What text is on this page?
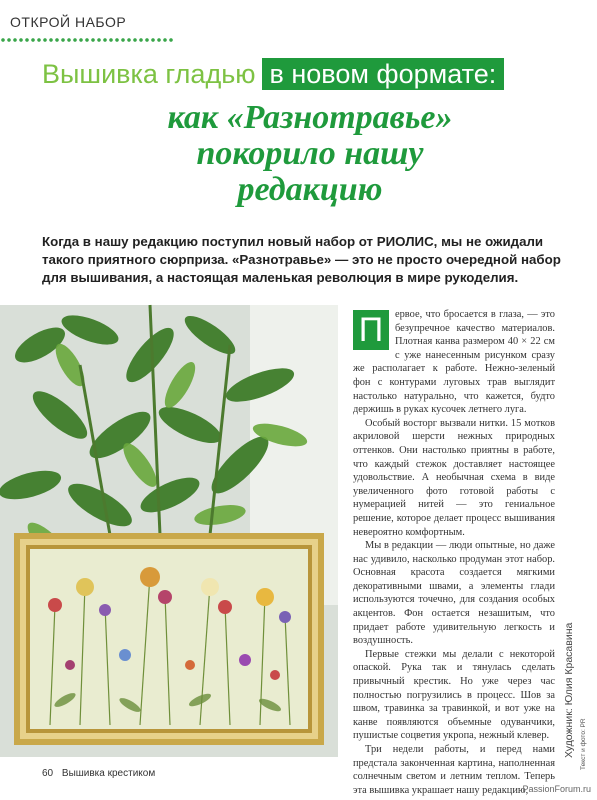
ОТКРОЙ НАБОР
Вышивка гладью в новом формате:
как «Разнотравье»
покорило нашу
редакцию
Когда в нашу редакцию поступил новый набор от РИОЛИС, мы не ожидали такого приятного сюрприза. «Разнотравье» — это не просто очередной набор для вышивания, а настоящая маленькая революция в мире рукоделия.

П	ервое, что бросается в глаза, — это безупречное качество материалов. Плотная канва размером 40 × 22 см с уже нанесенным рисунком сразу же располагает к работе. Нежно-зеленый фон с контурами луговых трав выглядит настолько натурально, что кажется, будто держишь в руках кусочек летнего луга.

Особый восторг вызвали нитки. 15 мотков акриловой шерсти нежных природных оттенков. Они настолько приятны в работе, что каждый стежок доставляет настоящее удовольствие. А необычная схема в виде увеличенного фото готовой работы с нумерацией нитей — это гениальное решение, которое делает процесс вышивания невероятно комфортным.

Мы в редакции — люди опытные, но даже нас удивило, насколько продуман этот набор. Основная красота создается мягкими декоративными швами, а элементы глади используются точечно, для создания особых акцентов. Фон остается незашитым, что придает работе удивительную легкость и воздушность.

Первые стежки мы делали с некоторой опаской. Рука так и тянулась сделать привычный крестик. Но уже через час полностью погрузились в процесс. Шов за швом, травинка за травинкой, и вот уже на канве появляются объемные одуванчики, пушистые соцветия укропа, нежный клевер.

Три недели работы, и перед нами предстала законченная картина, наполненная солнечным светом и летним теплом. Теперь эта вышивка украшает нашу редакцию,

Художник: Юлия Красавина Текст и фото: PR
60 Вышивка крестиком
PassionForum.ru
